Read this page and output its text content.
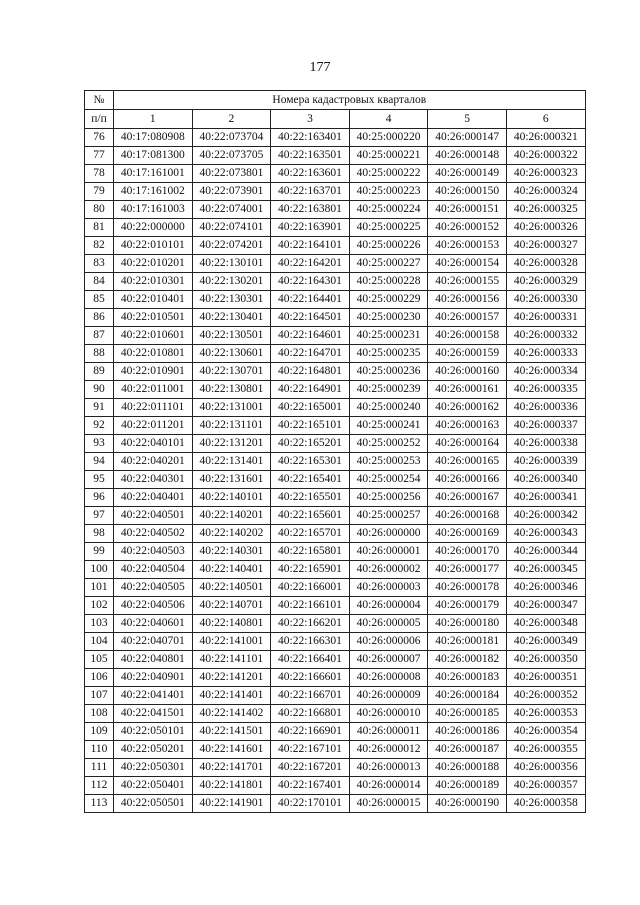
177
№	Номера кадастровых кварталов					
п/п	1	2	3	4	5	6
76	40:17:080908	40:22:073704	40:22:163401	40:25:000220	40:26:000147	40:26:000321
77	40:17:081300	40:22:073705	40:22:163501	40:25:000221	40:26:000148	40:26:000322
78	40:17:161001	40:22:073801	40:22:163601	40:25:000222	40:26:000149	40:26:000323
79	40:17:161002	40:22:073901	40:22:163701	40:25:000223	40:26:000150	40:26:000324
80	40:17:161003	40:22:074001	40:22:163801	40:25:000224	40:26:000151	40:26:000325
81	40:22:000000	40:22:074101	40:22:163901	40:25:000225	40:26:000152	40:26:000326
82	40:22:010101	40:22:074201	40:22:164101	40:25:000226	40:26:000153	40:26:000327
83	40:22:010201	40:22:130101	40:22:164201	40:25:000227	40:26:000154	40:26:000328
84	40:22:010301	40:22:130201	40:22:164301	40:25:000228	40:26:000155	40:26:000329
85	40:22:010401	40:22:130301	40:22:164401	40:25:000229	40:26:000156	40:26:000330
86	40:22:010501	40:22:130401	40:22:164501	40:25:000230	40:26:000157	40:26:000331
87	40:22:010601	40:22:130501	40:22:164601	40:25:000231	40:26:000158	40:26:000332
88	40:22:010801	40:22:130601	40:22:164701	40:25:000235	40:26:000159	40:26:000333
89	40:22:010901	40:22:130701	40:22:164801	40:25:000236	40:26:000160	40:26:000334
90	40:22:011001	40:22:130801	40:22:164901	40:25:000239	40:26:000161	40:26:000335
91	40:22:011101	40:22:131001	40:22:165001	40:25:000240	40:26:000162	40:26:000336
92	40:22:011201	40:22:131101	40:22:165101	40:25:000241	40:26:000163	40:26:000337
93	40:22:040101	40:22:131201	40:22:165201	40:25:000252	40:26:000164	40:26:000338
94	40:22:040201	40:22:131401	40:22:165301	40:25:000253	40:26:000165	40:26:000339
95	40:22:040301	40:22:131601	40:22:165401	40:25:000254	40:26:000166	40:26:000340
96	40:22:040401	40:22:140101	40:22:165501	40:25:000256	40:26:000167	40:26:000341
97	40:22:040501	40:22:140201	40:22:165601	40:25:000257	40:26:000168	40:26:000342
98	40:22:040502	40:22:140202	40:22:165701	40:26:000000	40:26:000169	40:26:000343
99	40:22:040503	40:22:140301	40:22:165801	40:26:000001	40:26:000170	40:26:000344
100	40:22:040504	40:22:140401	40:22:165901	40:26:000002	40:26:000177	40:26:000345
101	40:22:040505	40:22:140501	40:22:166001	40:26:000003	40:26:000178	40:26:000346
102	40:22:040506	40:22:140701	40:22:166101	40:26:000004	40:26:000179	40:26:000347
103	40:22:040601	40:22:140801	40:22:166201	40:26:000005	40:26:000180	40:26:000348
104	40:22:040701	40:22:141001	40:22:166301	40:26:000006	40:26:000181	40:26:000349
105	40:22:040801	40:22:141101	40:22:166401	40:26:000007	40:26:000182	40:26:000350
106	40:22:040901	40:22:141201	40:22:166601	40:26:000008	40:26:000183	40:26:000351
107	40:22:041401	40:22:141401	40:22:166701	40:26:000009	40:26:000184	40:26:000352
108	40:22:041501	40:22:141402	40:22:166801	40:26:000010	40:26:000185	40:26:000353
109	40:22:050101	40:22:141501	40:22:166901	40:26:000011	40:26:000186	40:26:000354
110	40:22:050201	40:22:141601	40:22:167101	40:26:000012	40:26:000187	40:26:000355
111	40:22:050301	40:22:141701	40:22:167201	40:26:000013	40:26:000188	40:26:000356
112	40:22:050401	40:22:141801	40:22:167401	40:26:000014	40:26:000189	40:26:000357
113	40:22:050501	40:22:141901	40:22:170101	40:26:000015	40:26:000190	40:26:000358
